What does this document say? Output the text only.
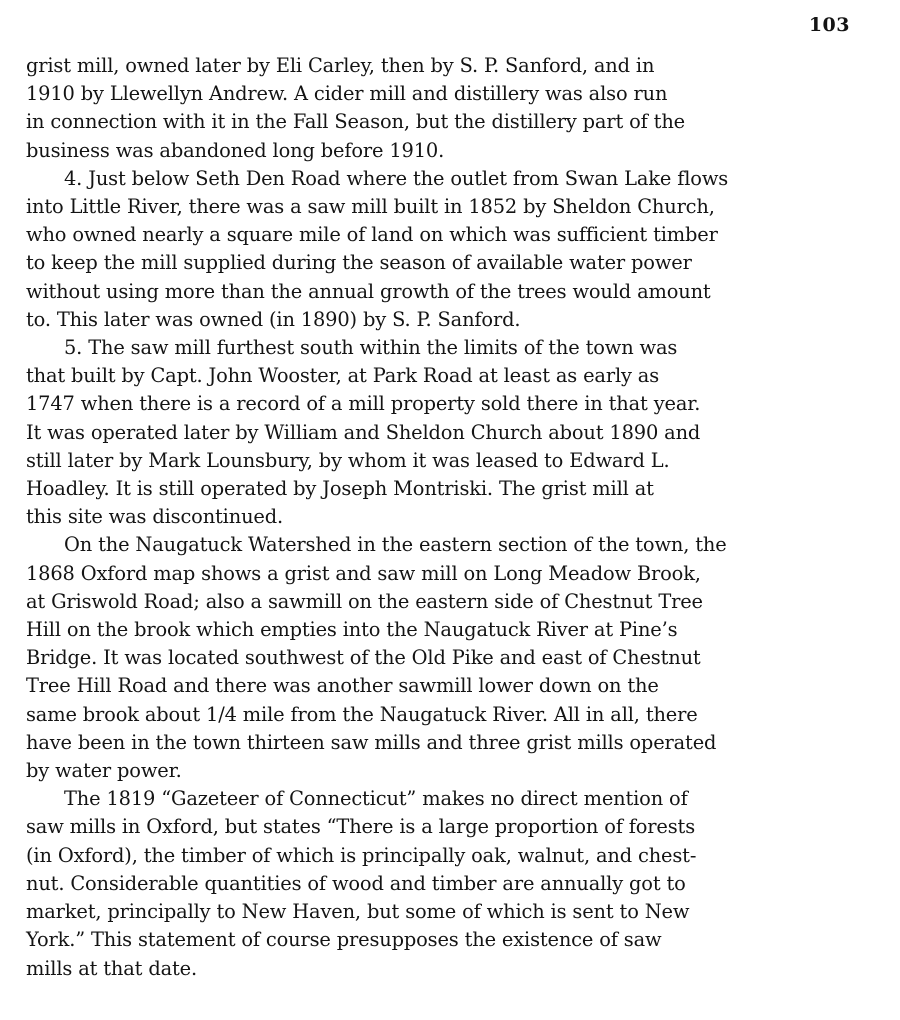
103

grist mill, owned later by Eli Carley, then by S. P. Sanford, and in
1910 by Llewellyn Andrew. A cider mill and distillery was also run
in connection with it in the Fall Season, but the distillery part of the
business was abandoned long before 1910.

4. Just below Seth Den Road where the outlet from Swan Lake flows
into Little River, there was a saw mill built in 1852 by Sheldon Church,
who owned nearly a square mile of land on which was sufficient timber
to keep the mill supplied during the season of available water power
without using more than the annual growth of the trees would amount
to. This later was owned (in 1890) by S. P. Sanford.

5. The saw mill furthest south within the limits of the town was
that built by Capt. John Wooster, at Park Road at least as early as
1747 when there is a record of a mill property sold there in that year.
It was operated later by William and Sheldon Church about 1890 and
still later by Mark Lounsbury, by whom it was leased to Edward L.
Hoadley. It is still operated by Joseph Montriski. The grist mill at
this site was discontinued.

On the Naugatuck Watershed in the eastern section of the town, the
1868 Oxford map shows a grist and saw mill on Long Meadow Brook,
at Griswold Road; also a sawmill on the eastern side of Chestnut Tree
Hill on the brook which empties into the Naugatuck River at Pine’s
Bridge. It was located southwest of the Old Pike and east of Chestnut
Tree Hill Road and there was another sawmill lower down on the
same brook about 1/4 mile from the Naugatuck River. All in all, there
have been in the town thirteen saw mills and three grist mills operated
by water power.

The 1819 “Gazeteer of Connecticut” makes no direct mention of
saw mills in Oxford, but states “There is a large proportion of forests
(in Oxford), the timber of which is principally oak, walnut, and chest-
nut. Considerable quantities of wood and timber are annually got to
market, principally to New Haven, but some of which is sent to New
York.” This statement of course presupposes the existence of saw
mills at that date.
